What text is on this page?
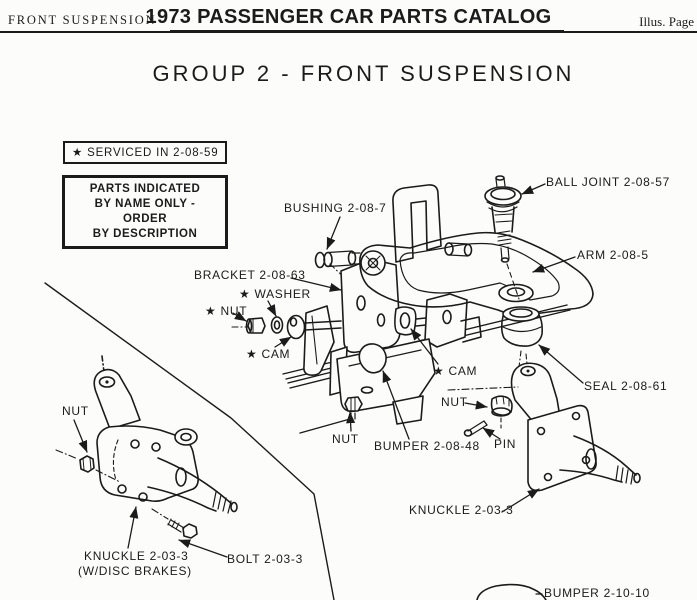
FRONT SUSPENSION
1973 PASSENGER CAR PARTS CATALOG	Illus. Page
GROUP 2 - FRONT SUSPENSION
★ SERVICED IN 2-08-59
PARTS INDICATED
BY NAME ONLY - ORDER
BY DESCRIPTION
BUSHING 2-08-7
BALL JOINT 2-08-57
ARM 2-08-5
BRACKET 2-08-63
★ WASHER
★ NUT
★ CAM
★ CAM
SEAL 2-08-61
NUT
NUT
PIN
NUT BUMPER 2-08-48
KNUCKLE 2-03-3
KNUCKLE 2-03-3
(W/DISC BRAKES)
BOLT 2-03-3
BUMPER 2-10-10
